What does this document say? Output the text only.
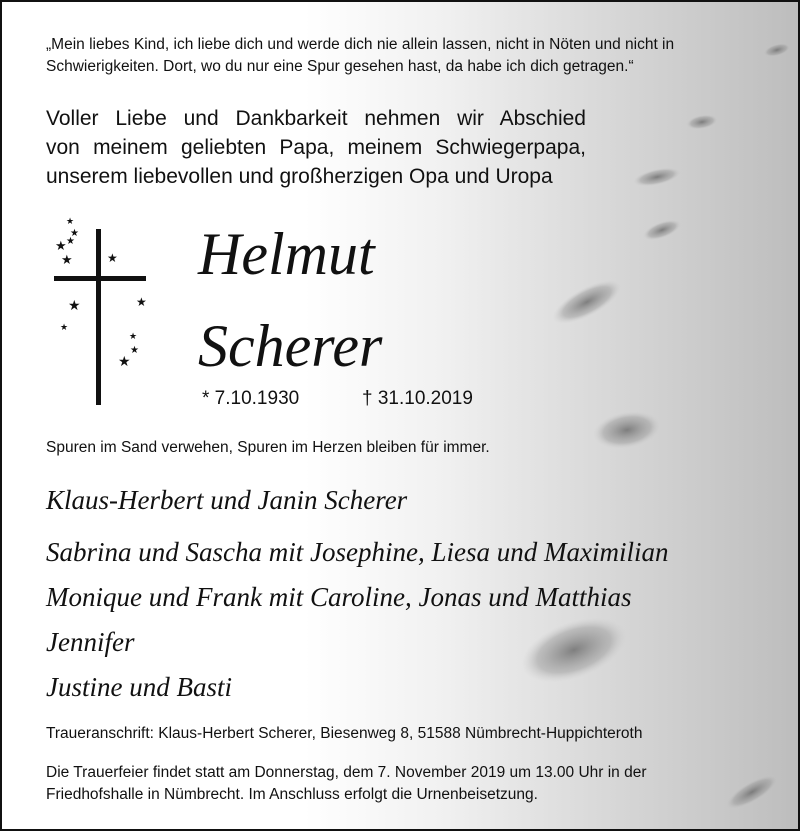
„Mein liebes Kind, ich liebe dich und werde dich nie allein lassen, nicht in Nöten und nicht in
Schwierigkeiten. Dort, wo du nur eine Spur gesehen hast, da habe ich dich getragen.“
Voller Liebe und Dankbarkeit nehmen wir Abschied
von meinem geliebten Papa, meinem Schwiegerpapa,
unserem liebevollen und großherzigen Opa und Uropa
★
★
★ ★
★	★
★	★
★
★
★
★
Helmut
Scherer
* 7.10.1930	† 31.10.2019
Spuren im Sand verwehen, Spuren im Herzen bleiben für immer.
Klaus-Herbert und Janin Scherer
Sabrina und Sascha mit Josephine, Liesa und Maximilian
Monique und Frank mit Caroline, Jonas und Matthias
Jennifer
Justine und Basti
Traueranschrift: Klaus-Herbert Scherer, Biesenweg 8, 51588 Nümbrecht-Huppichteroth
Die Trauerfeier findet statt am Donnerstag, dem 7. November 2019 um 13.00 Uhr in der
Friedhofshalle in Nümbrecht. Im Anschluss erfolgt die Urnenbeisetzung.
